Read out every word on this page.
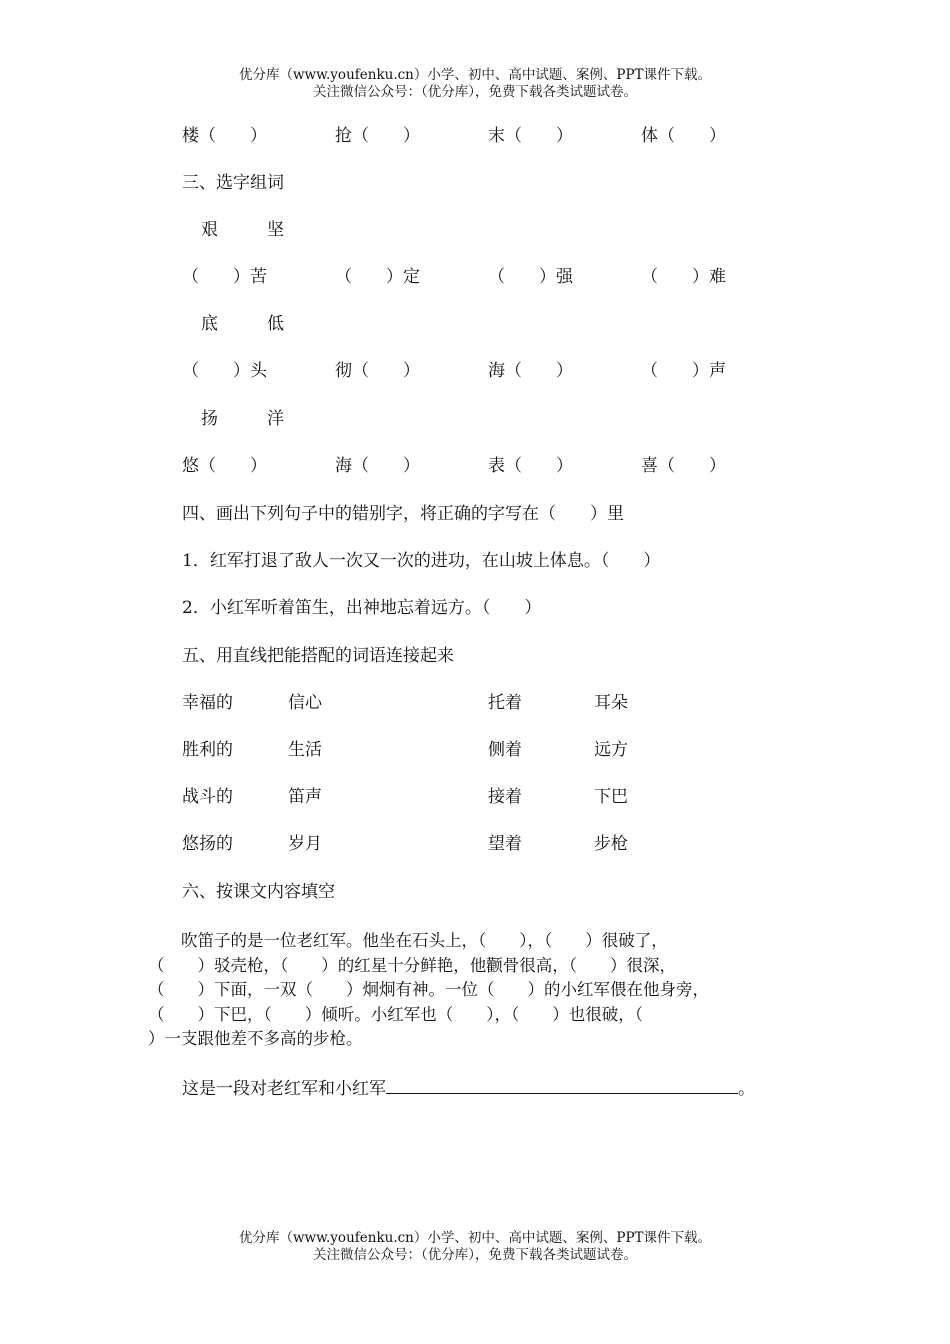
优分库（www.youfenku.cn）小学、初中、高中试题、案例、PPT课件下载。
关注微信公众号：（优分库），免费下载各类试题试卷。
楼（　　）	抢（　　）	末（　　）	体（　　）
三、选字组词
艰	坚
（　　）苦	（　　）定	（　　）强	（　　）难
底	低
（　　）头	彻（　　）	海（　　）	（　　）声
扬	洋
悠（　　）	海（　　）	表（　　）	喜（　　）
四、画出下列句子中的错别字，将正确的字写在（　　）里
1．红军打退了敌人一次又一次的进功，在山坡上体息。（　　）
2．小红军听着笛生，出神地忘着远方。（　　）
五、用直线把能搭配的词语连接起来
幸福的	信心	托着	耳朵
胜利的	生活	侧着	远方
战斗的	笛声	接着	下巴
悠扬的	岁月	望着	步枪
六、按课文内容填空
　　吹笛子的是一位老红军。他坐在石头上，（　　），（　　）很破了，
（　　）驳壳枪，（　　）的红星十分鲜艳，他颧骨很高，（　　）很深，
（　　）下面，一双（　　）炯炯有神。一位（　　）的小红军偎在他身旁，
（　　）下巴，（　　）倾听。小红军也（　　），（　　）也很破，（
）一支跟他差不多高的步枪。
这是一段对老红军和小红军	。
优分库（www.youfenku.cn）小学、初中、高中试题、案例、PPT课件下载。
关注微信公众号：（优分库），免费下载各类试题试卷。
